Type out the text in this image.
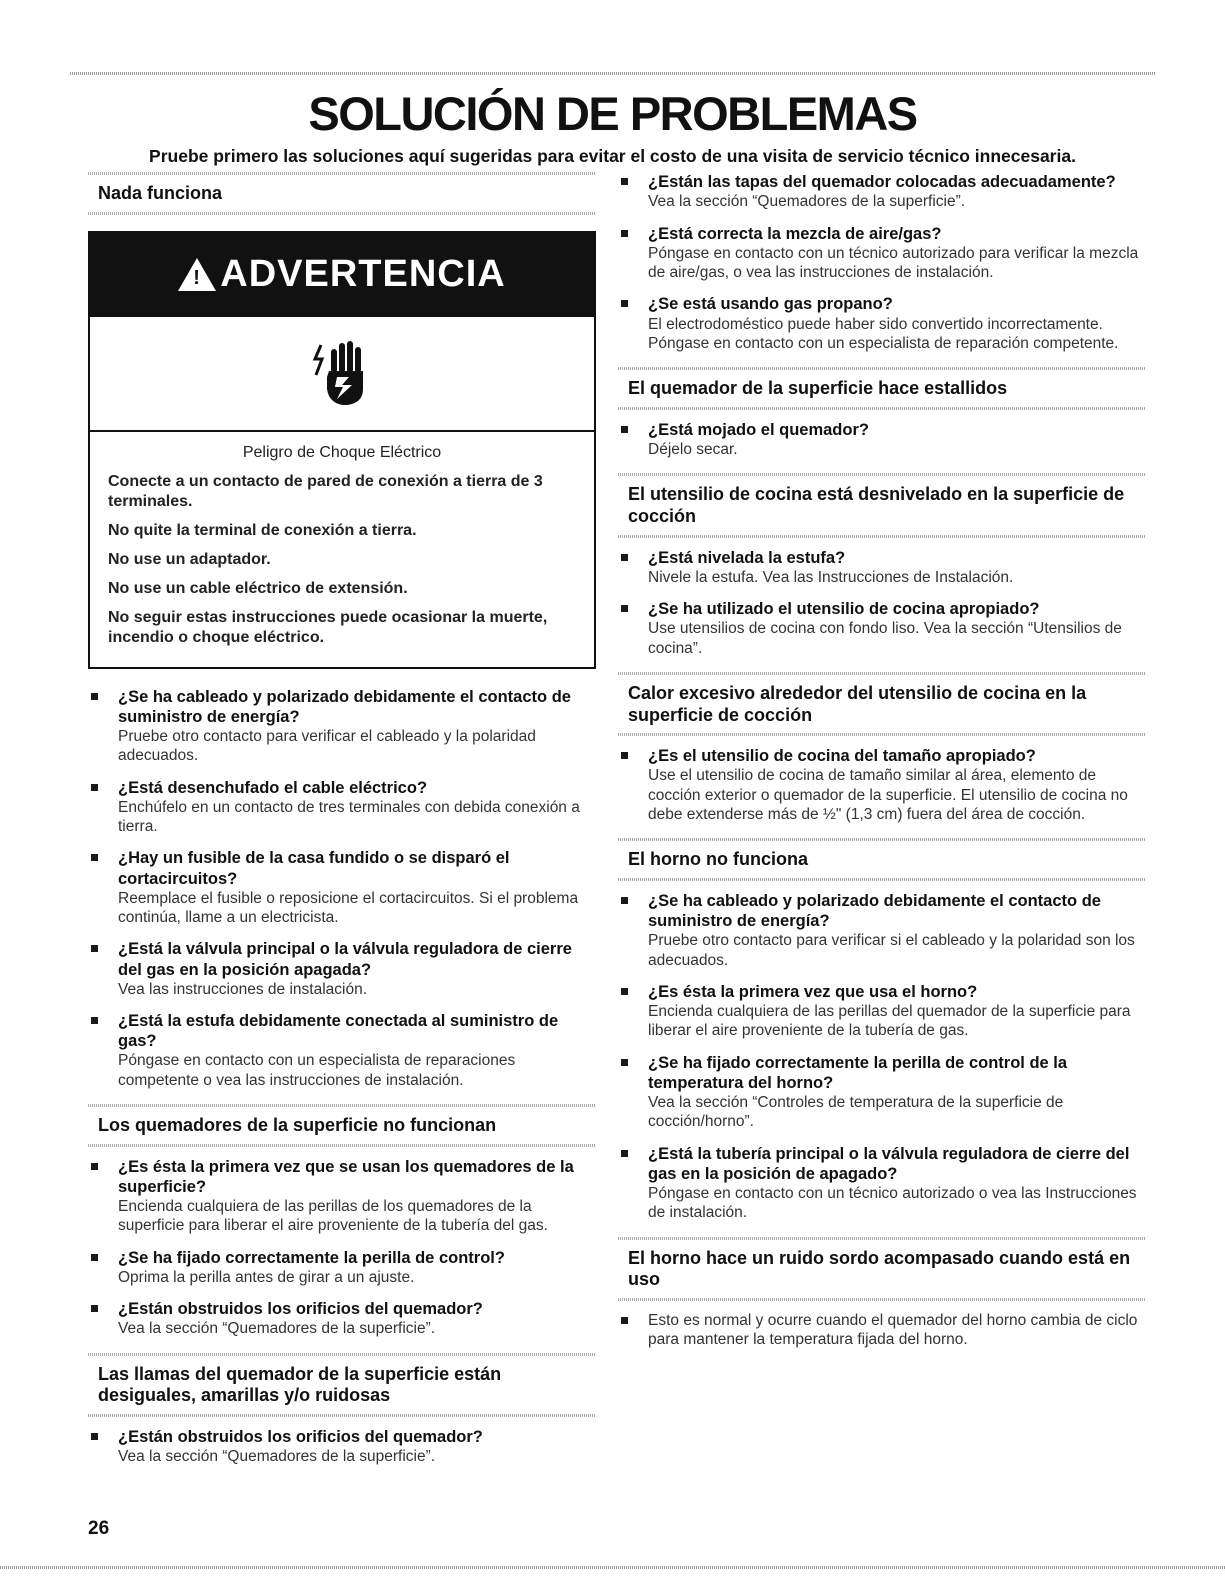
SOLUCIÓN DE PROBLEMAS
Pruebe primero las soluciones aquí sugeridas para evitar el costo de una visita de servicio técnico innecesaria.
Nada funciona
! ADVERTENCIA
Peligro de Choque Eléctrico
Conecte a un contacto de pared de conexión a tierra de 3 terminales.
No quite la terminal de conexión a tierra.
No use un adaptador.
No use un cable eléctrico de extensión.
No seguir estas instrucciones puede ocasionar la muerte, incendio o choque eléctrico.
¿Se ha cableado y polarizado debidamente el contacto de suministro de energía?
Pruebe otro contacto para verificar el cableado y la polaridad adecuados.
¿Está desenchufado el cable eléctrico?
Enchúfelo en un contacto de tres terminales con debida conexión a tierra.
¿Hay un fusible de la casa fundido o se disparó el cortacircuitos?
Reemplace el fusible o reposicione el cortacircuitos. Si el problema continúa, llame a un electricista.
¿Está la válvula principal o la válvula reguladora de cierre del gas en la posición apagada?
Vea las instrucciones de instalación.
¿Está la estufa debidamente conectada al suministro de gas?
Póngase en contacto con un especialista de reparaciones competente o vea las instrucciones de instalación.
Los quemadores de la superficie no funcionan
¿Es ésta la primera vez que se usan los quemadores de la superficie?
Encienda cualquiera de las perillas de los quemadores de la superficie para liberar el aire proveniente de la tubería del gas.
¿Se ha fijado correctamente la perilla de control?
Oprima la perilla antes de girar a un ajuste.
¿Están obstruidos los orificios del quemador?
Vea la sección “Quemadores de la superficie”.
Las llamas del quemador de la superficie están desiguales, amarillas y/o ruidosas
¿Están obstruidos los orificios del quemador?
Vea la sección “Quemadores de la superficie”.
¿Están las tapas del quemador colocadas adecuadamente?
Vea la sección “Quemadores de la superficie”.
¿Está correcta la mezcla de aire/gas?
Póngase en contacto con un técnico autorizado para verificar la mezcla de aire/gas, o vea las instrucciones de instalación.
¿Se está usando gas propano?
El electrodoméstico puede haber sido convertido incorrectamente. Póngase en contacto con un especialista de reparación competente.
El quemador de la superficie hace estallidos
¿Está mojado el quemador?
Déjelo secar.
El utensilio de cocina está desnivelado en la superficie de cocción
¿Está nivelada la estufa?
Nivele la estufa. Vea las Instrucciones de Instalación.
¿Se ha utilizado el utensilio de cocina apropiado?
Use utensilios de cocina con fondo liso. Vea la sección “Utensilios de cocina”.
Calor excesivo alrededor del utensilio de cocina en la superficie de cocción
¿Es el utensilio de cocina del tamaño apropiado?
Use el utensilio de cocina de tamaño similar al área, elemento de cocción exterior o quemador de la superficie. El utensilio de cocina no debe extenderse más de ½" (1,3 cm) fuera del área de cocción.
El horno no funciona
¿Se ha cableado y polarizado debidamente el contacto de suministro de energía?
Pruebe otro contacto para verificar si el cableado y la polaridad son los adecuados.
¿Es ésta la primera vez que usa el horno?
Encienda cualquiera de las perillas del quemador de la superficie para liberar el aire proveniente de la tubería de gas.
¿Se ha fijado correctamente la perilla de control de la temperatura del horno?
Vea la sección “Controles de temperatura de la superficie de cocción/horno”.
¿Está la tubería principal o la válvula reguladora de cierre del gas en la posición de apagado?
Póngase en contacto con un técnico autorizado o vea las Instrucciones de instalación.
El horno hace un ruido sordo acompasado cuando está en uso
Esto es normal y ocurre cuando el quemador del horno cambia de ciclo para mantener la temperatura fijada del horno.
26
